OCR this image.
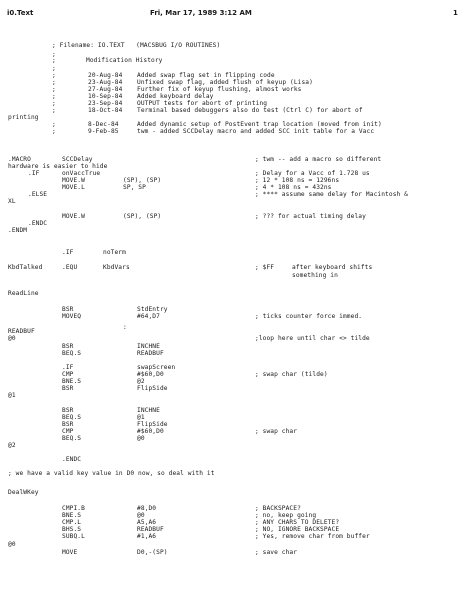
i0.Text	Fri, Mar 17, 1989 3:12 AM	1
; Filename: IO.TEXT   (MACSBUG I/O ROUTINES)
;
;	Modification History
;
;	20-Aug-84 Added swap flag set in flipping code
;	23-Aug-84 Unfixed swap flag, added flush of keyup (Lisa)
;	27-Aug-84 Further fix of keyup flushing, almost works
;	10-Sep-84 Added keyboard delay
;	23-Sep-84 OUTPUT tests for abort of printing
;	18-Oct-84 Terminal based debuggers also do test (Ctrl C) for abort of
printing
;	8-Dec-84	Added dynamic setup of PostEvent trap location (moved from init)
;	9-Feb-85	twm - added SCCDelay macro and added SCC init table for a Vacc
.MACRO	SCCDelay	; twm -- add a macro so different
hardware is easier to hide
.IF	onVaccTrue	; Delay for a Vacc of 1.728 us
MOVE.W	(SP), (SP)	; 12 * 108 ns = 1296ns
MOVE.L	SP, SP	; 4 * 108 ns = 432ns
.ELSE	; **** assume same delay for Macintosh &
XL
MOVE.W	(SP), (SP)	; ??? for actual timing delay
.ENDC
.ENDM
.IF	noTerm
KbdTalked	.EQU	KbdVars	; $FF	after keyboard shifts
something in
ReadLine
BSR	StdEntry
MOVEQ	#64,D7	; ticks counter force immed.
READBUF
@0	;loop here until char <> tilde
BSR	INCHNE
BEQ.S	READBUF
.IF	swapScreen
CMP	#$60,D0	; swap char (tilde)
BNE.S	@2
BSR	FlipSide
@1
BSR	INCHNE
BEQ.S	@1
BSR	FlipSide
CMP	#$60,D0	; swap char
BEQ.S	@0
@2
.ENDC
; we have a valid key value in D0 now, so deal with it
DealWKey
CMPI.B	#8,D0	; BACKSPACE?
BNE.S	@0	; no, keep going
CMP.L	A5,A6	; ANY CHARS TO DELETE?
BHS.S	READBUF	; NO, IGNORE BACKSPACE
SUBQ.L	#1,A6	; Yes, remove char from buffer
@0
MOVE	D0,-(SP)	; save char
:
